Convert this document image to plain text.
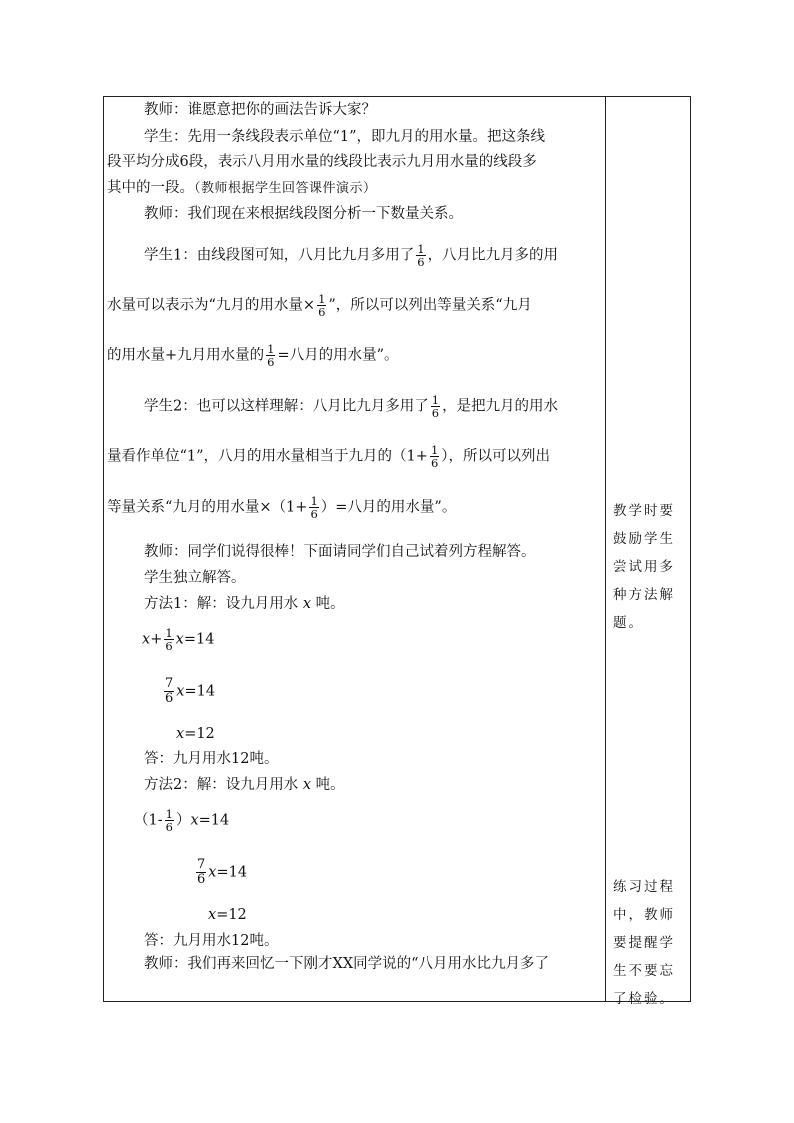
教师：谁愿意把你的画法告诉大家？
学生：先用一条线段表示单位“1”，即九月的用水量。把这条线
段平均分成6段，表示八月用水量的线段比表示九月用水量的线段多
其中的一段。（教师根据学生回答课件演示）
教师：我们现在来根据线段图分析一下数量关系。
学生1：由线段图可知，八月比九月多用了 $\frac{1}{6}$ ，八月比九月多的用
水量可以表示为“九月的用水量× $\frac{1}{6}$ ”，所以可以列出等量关系“九月
的用水量+九月用水量的 $\frac{1}{6}$ =八月的用水量”。
学生2：也可以这样理解：八月比九月多用了 $\frac{1}{6}$ ，是把九月的用水
量看作单位“1”，八月的用水量相当于九月的（$1+ \frac{1}{6}$ ），所以可以列出
等量关系“九月的用水量$\times(1+ \frac{1}{6}$ ）=八月的用水量”。
教师：同学们说得很棒！下面请同学们自己试着列方程解答。
学生独立解答。
方法1：解：设九月用水 x 吨。
$x+ \frac{1}{6} x=14$
$\frac{7}{6} x=14$
x=12
答：九月用水12吨。
方法2：解：设九月用水 x 吨。
$(1- \frac{1}{6} )x=14$
$\frac{7}{6} x=14$
x=12
答：九月用水12吨。
教师：我们再来回忆一下刚才XX同学说的“八月用水比九月多了
教学时要
鼓励学生
尝试用多
种方法解
题。
练习过程
中，教师
要提醒学
生不要忘
了检验。
